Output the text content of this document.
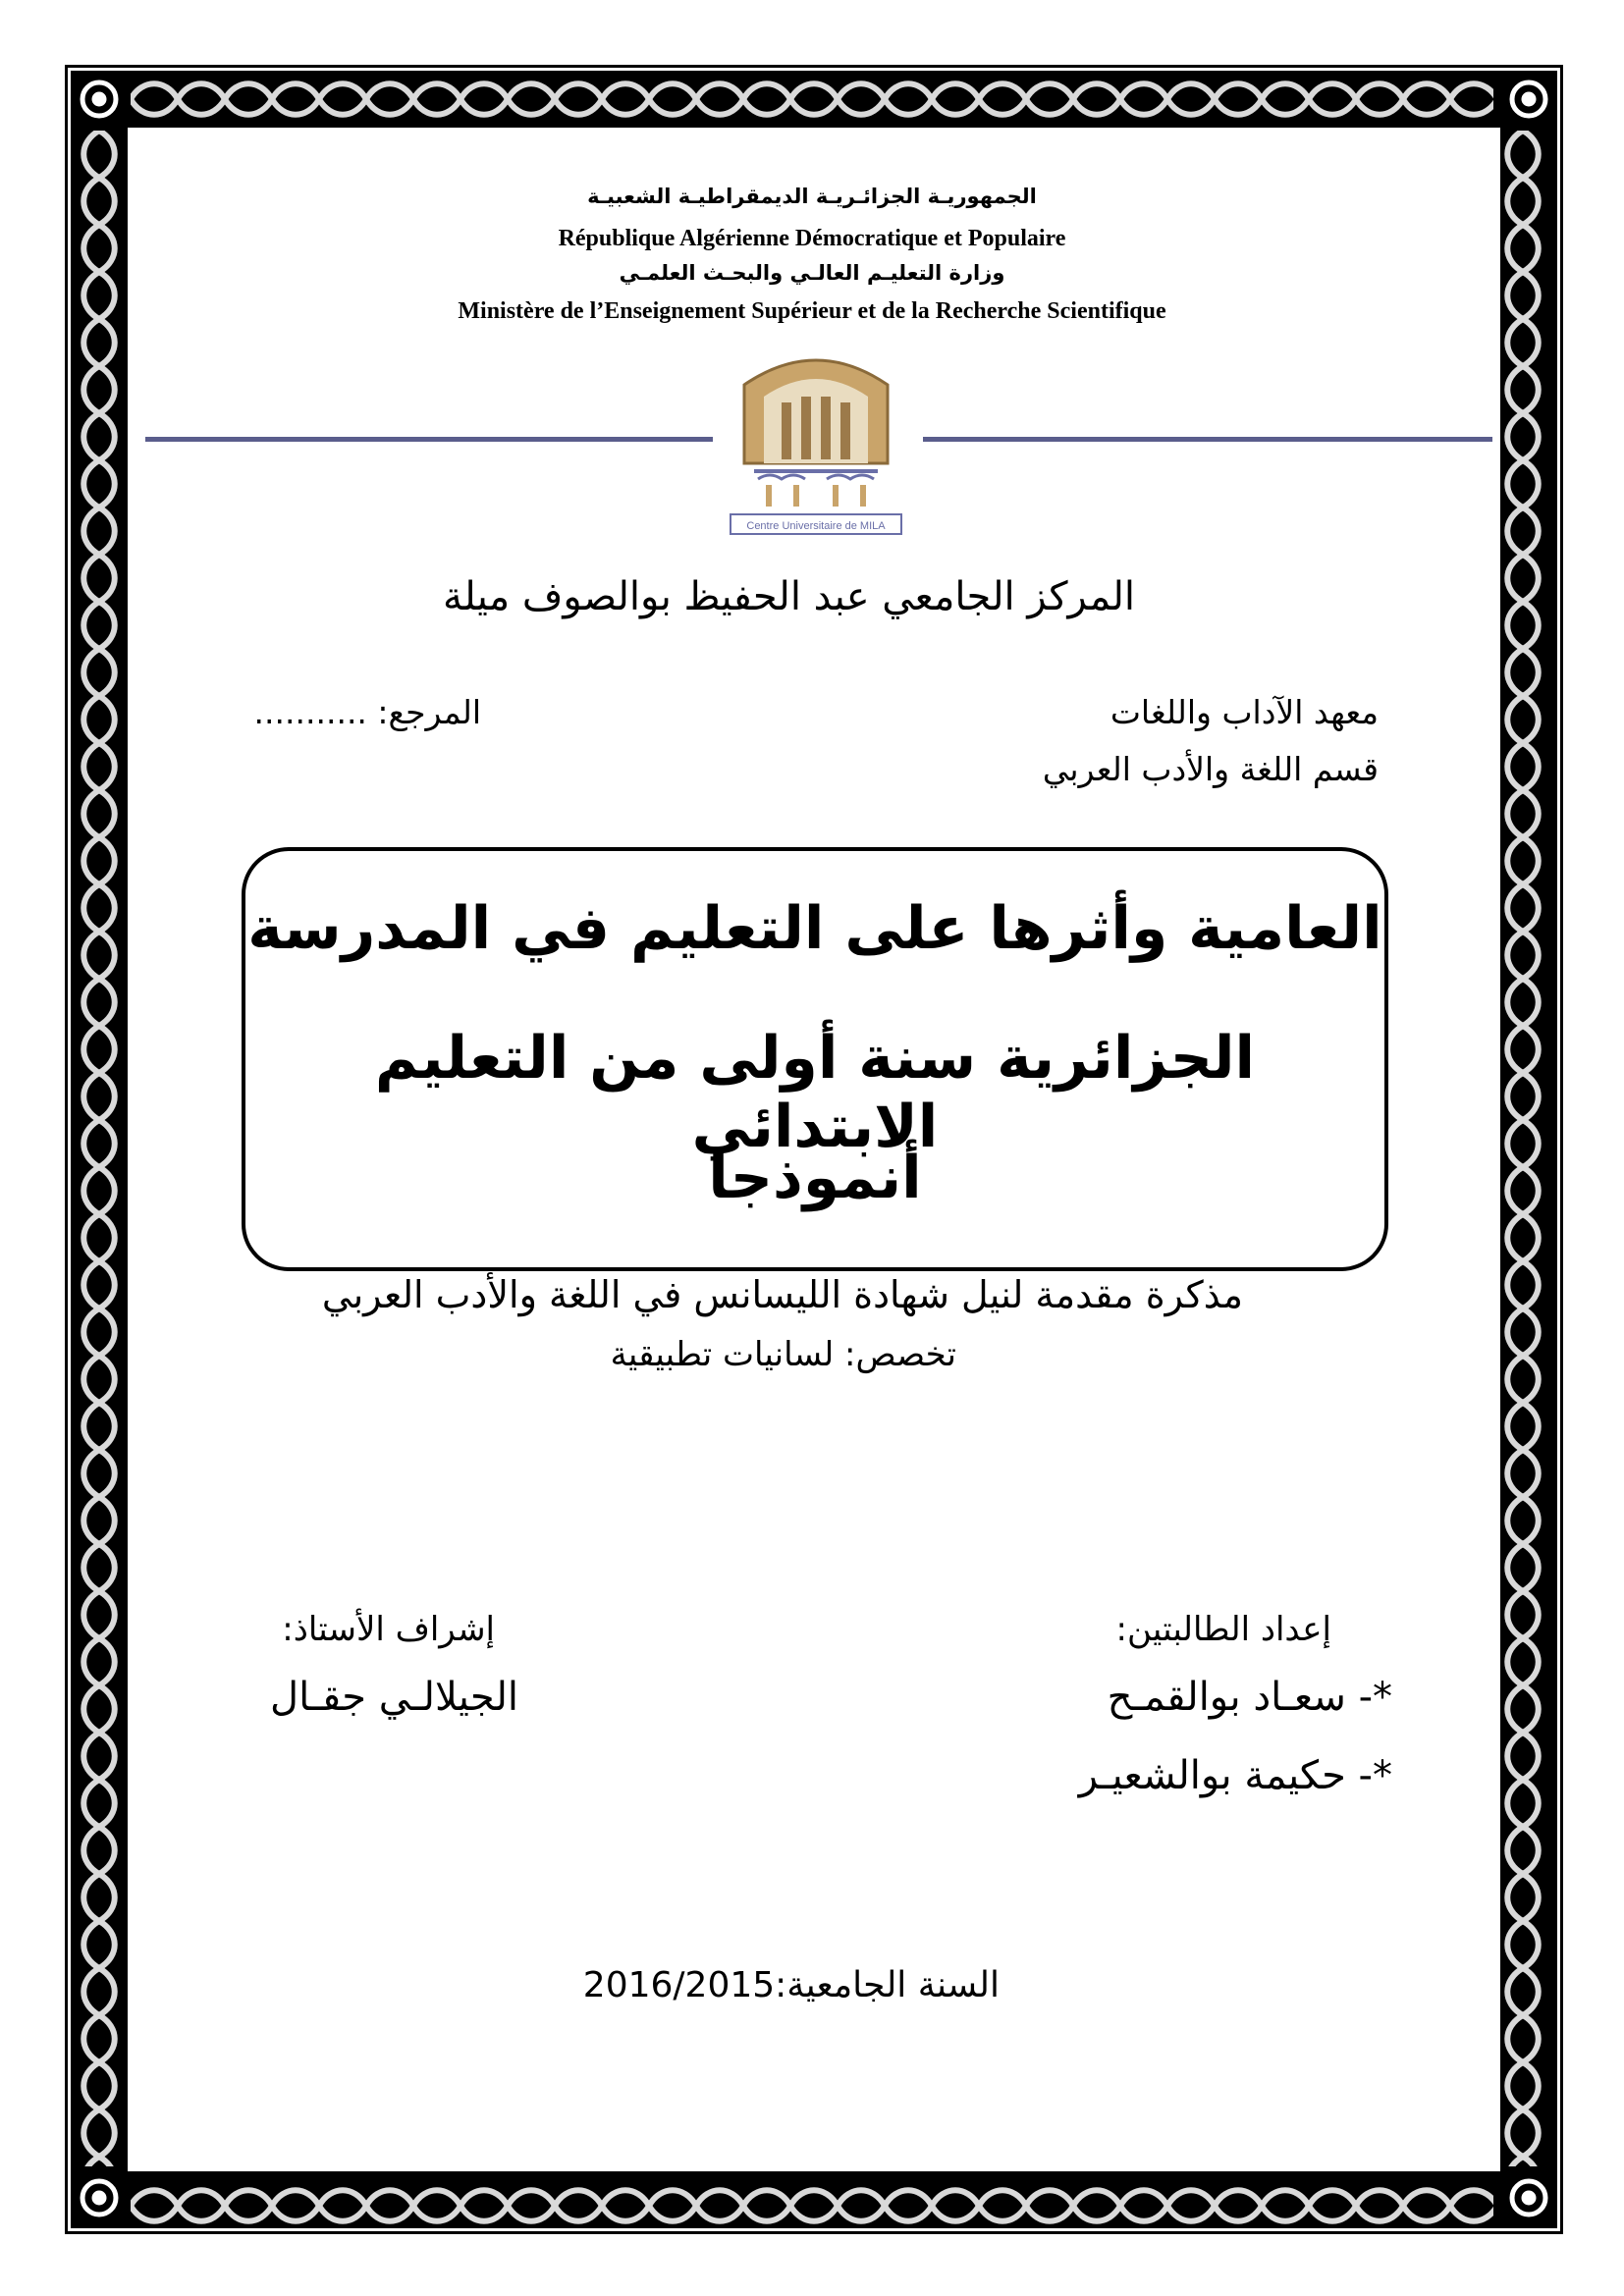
الجمهوريـة الجزائـريـة الديمقراطيـة الشعبيـة
République Algérienne Démocratique et Populaire
وزارة التعليـم العالـي والبحـث العلمـي
Ministère de l’Enseignement Supérieur et de la Recherche Scientifique
Centre Universitaire de MILA
المركز الجامعي عبد الحفيظ بوالصوف ميلة
معهد الآداب واللغات
قسم اللغة والأدب العربي
المرجع: ...........
العامية وأثرها على التعليم في المدرسة
الجزائرية سنة أولى من التعليم الابتدائي
أنموذجا
مذكرة مقدمة لنيل شهادة الليسانس في اللغة والأدب العربي
تخصص: لسانيات تطبيقية
إعداد الطالبتين:
*- سعـاد بوالقمـح
*- حكيمة بوالشعيـر
إشراف الأستاذ:
الجيلالـي جقـال
السنة الجامعية:2016/2015
